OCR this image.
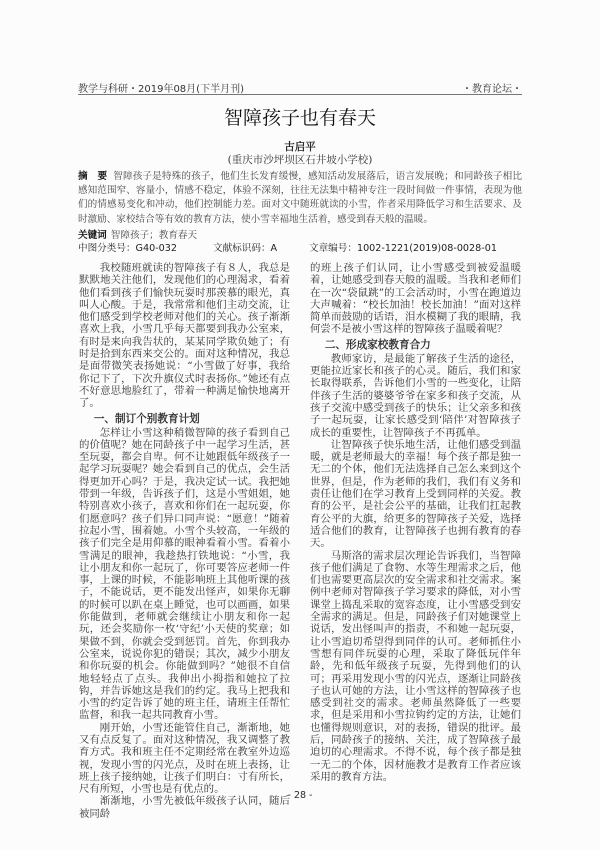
教学与科研・2019年08月(下半月刊)	・教育论坛・
智障孩子也有春天
古启平
(重庆市沙坪坝区石井坡小学校)
摘　要 智障孩子是特殊的孩子，他们生长发育缓慢，感知活动发展落后，语言发展晚；和同龄孩子相比感知范围窄、容量小，情感不稳定，体验不深刻，往往无法集中精神专注一段时间做一件事情，表现为他们的情感易变化和冲动，他们控制能力差。面对文中随班就读的小雪，作者采用降低学习和生活要求、及时激励、家校结合等有效的教育方法，使小雪幸福地生活着，感受到春天般的温暖。
关键词 智障孩子；教育春天
中图分类号：G40-032	文献标识码：A	文章编号：1002-1221(2019)08-0028-01

我校随班就读的智障孩子有８人，我总是默默地关注他们，发现他们的心理渴求，看着他们看到孩子们愉快玩耍时那羡慕的眼光，真叫人心酸。于是，我常常和他们主动交流，让他们感受到学校老师对他们的关心。孩子渐渐喜欢上我，小雪几乎每天都要到我办公室来，有时是来向我告状的，某某同学欺负她了；有时是拾到东西来交公的。面对这种情况，我总是面带微笑表扬她说：“小雪做了好事，我给你记下了，下次升旗仪式时表扬你。”她还有点不好意思地脸红了，带着一种满足愉快地离开了。

一、制订个别教育计划

怎样让小雪这种稍微智障的孩子看到自己的价值呢？她在同龄孩子中一起学习生活，甚至玩耍，都会自卑。何不让她跟低年级孩子一起学习玩耍呢？她会看到自己的优点，会生活得更加开心吗？于是，我决定试一试。我把她带到一年级，告诉孩子们，这是小雪姐姐，她特别喜欢小孩子，喜欢和你们在一起玩耍，你们愿意吗？孩子们异口同声说：“愿意！”随着拉起小雪，围着她。小雪个头较高，一年级的孩子们完全是用仰慕的眼神看着小雪。看着小雪满足的眼神，我趁热打铁地说：“小雪，我让小朋友和你一起玩了，你可要答应老师一件事，上课的时候，不能影响班上其他听课的孩子，不能说话，更不能发出怪声，如果你无聊的时候可以趴在桌上睡觉，也可以画画，如果你能做到，老师就会继续让小朋友和你一起玩，还会奖励你一枚‘守纪’小天使的奖章；如果做不到，你就会受到惩罚。首先，你到我办公室来，说说你犯的错误；其次，减少小朋友和你玩耍的机会。你能做到吗？”她很不自信地轻轻点了点头。我伸出小拇指和她拉了拉钩，并告诉她这是我们的约定。我马上把我和小雪的约定告诉了她的班主任，请班主任帮忙监督，和我一起共同教育小雪。

刚开始，小雪还能管住自己，渐渐地，她又有点反复了。面对这种情况，我又调整了教育方式。我和班主任不定期经常在教室外边巡视，发现小雪的闪光点，及时在班上表扬，让班上孩子接纳她，让孩子们明白：寸有所长，尺有所短，小雪也是有优点的。

渐渐地，小雪先被低年级孩子认同，随后被同龄

的班上孩子们认同，让小雪感受到被爱温暖着，让她感受到春天般的温暖。当我和老师们在一次“袋鼠跳”的工会活动时，小雪在跑道边大声喊着：“校长加油！校长加油！”面对这样简单而鼓励的话语，泪水模糊了我的眼睛，我何尝不是被小雪这样的智障孩子温暖着呢？

二、形成家校教育合力

教师家访，是最能了解孩子生活的途径，更能拉近家长和孩子的心灵。随后，我们和家长取得联系，告诉他们小雪的一些变化，让陪伴孩子生活的婆婆爷爷在家多和孩子交流，从孩子交流中感受到孩子的快乐；让父亲多和孩子一起玩耍，让家长感受到‘陪伴’对智障孩子成长的重要性，让智障孩子不再孤单。

让智障孩子快乐地生活，让他们感受到温暖，就是老师最大的幸福！每个孩子都是独一无二的个体，他们无法选择自己怎么来到这个世界，但是，作为老师的我们，我们有义务和责任让他们在学习教育上受到同样的关爱。教育的公平，是社会公平的基础，让我们扛起教育公平的大旗，给更多的智障孩子关爱，选择适合他们的教育，让智障孩子也拥有教育的春天。

马斯洛的需求层次理论告诉我们，当智障孩子他们满足了食物、水等生理需求之后，他们也需要更高层次的安全需求和社交需求。案例中老师对智障孩子学习要求的降低，对小雪课堂上捣乱采取的宽容态度，让小雪感受到安全需求的满足。但是，同龄孩子们对她课堂上说话，发出怪叫声的指责，不和她一起玩耍，让小雪迫切希望得到同伴的认可。老师抓住小雪想有同伴玩耍的心理，采取了降低玩伴年龄，先和低年级孩子玩耍，先得到他们的认可；再采用发现小雪的闪光点，逐渐让同龄孩子也认可她的方法，让小雪这样的智障孩子也感受到社交的需求。老师虽然降低了一些要求，但是采用和小雪拉钩约定的方法，让她们也懂得规则意识，对的表扬，错误的批评。最后，同龄孩子的接纳、关注，成了智障孩子最迫切的心理需求。不得不说，每个孩子都是独一无二的个体，因材施教才是教育工作者应该采用的教育方法。

- 28 -
